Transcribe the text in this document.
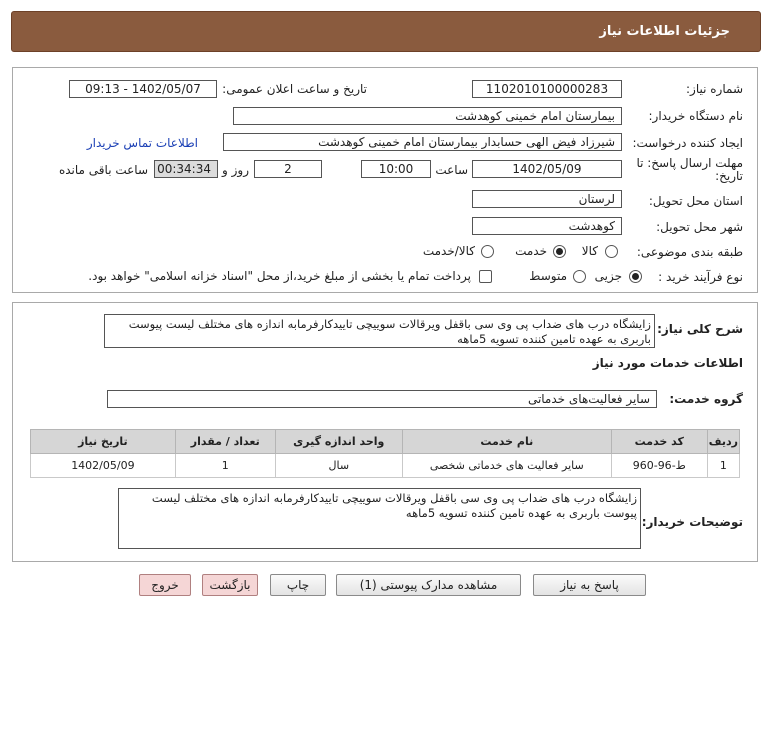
جزئیات اطلاعات نیاز
شماره نیاز:
1102010100000283
تاریخ و ساعت اعلان عمومی:
1402/05/07 - 09:13
نام دستگاه خریدار:
بیمارستان امام خمینی کوهدشت
ایجاد کننده درخواست:
شیرزاد فیض الهی حسابدار بیمارستان امام خمینی کوهدشت
اطلاعات تماس خریدار
مهلت ارسال پاسخ: تا تاریخ:
1402/05/09
ساعت
10:00
2
روز و
00:34:34
ساعت باقی مانده
استان محل تحویل:
لرستان
شهر محل تحویل:
کوهدشت
طبقه بندی موضوعی:
کالا
خدمت
کالا/خدمت
نوع فرآیند خرید :
جزیی
متوسط
پرداخت تمام یا بخشی از مبلغ خرید،از محل "اسناد خزانه اسلامی" خواهد بود.
شرح کلی نیاز:
زایشگاه درب های ضداب پی وی سی باقفل ویرقالات سوییچی تاییدکارفرمابه اندازه های مختلف لیست پیوست باربری به عهده تامین کننده تسویه 5ماهه
اطلاعات خدمات مورد نیاز
گروه خدمت:
سایر فعالیت‌های خدماتی
ردیف	کد خدمت	نام خدمت	واحد اندازه گیری	تعداد / مقدار	تاریخ نیاز
1	ط-96-960	سایر فعالیت های خدماتی شخصی	سال	1	1402/05/09
توضیحات خریدار:
زایشگاه درب های ضداب پی وی سی باقفل ویرقالات سوییچی تاییدکارفرمابه اندازه های مختلف لیست پیوست باربری به عهده تامین کننده تسویه 5ماهه
پاسخ به نیاز
مشاهده مدارک پیوستی (1)
چاپ
بازگشت
خروج
